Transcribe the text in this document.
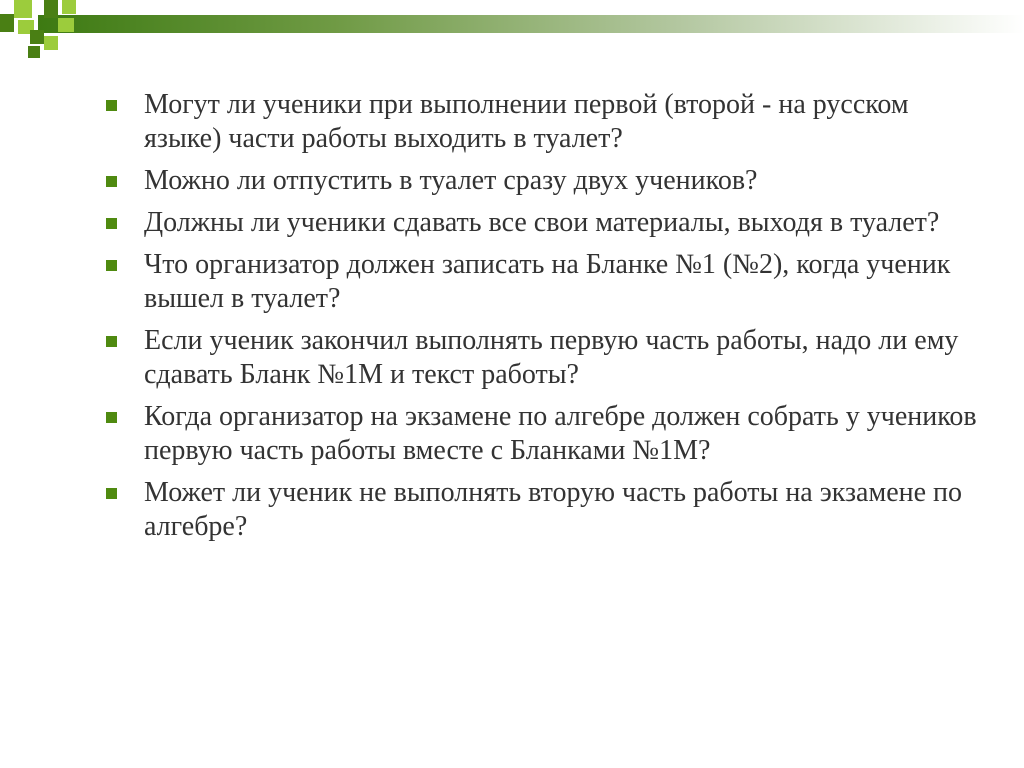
Могут ли ученики при выполнении первой (второй - на русском языке) части работы выходить в туалет?
Можно ли отпустить в туалет сразу двух учеников?
Должны ли ученики сдавать все свои материалы, выходя в туалет?
Что организатор должен записать на Бланке №1 (№2), когда ученик вышел в туалет?
Если ученик закончил выполнять первую часть работы, надо ли ему сдавать Бланк №1М и текст работы?
Когда организатор на экзамене по алгебре должен собрать у учеников первую часть работы вместе с Бланками №1М?
Может ли ученик не выполнять вторую часть работы на экзамене по алгебре?
